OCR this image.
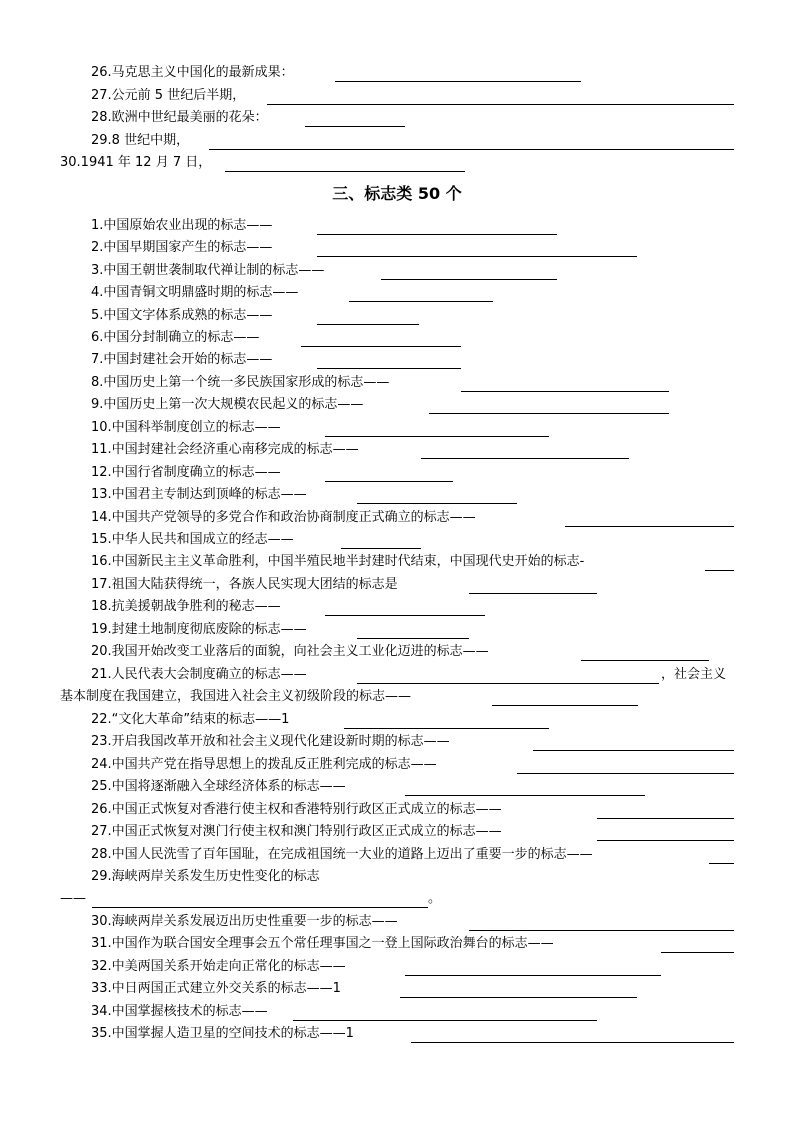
26.马克思主义中国化的最新成果：
27.公元前 5 世纪后半期，
28.欧洲中世纪最美丽的花朵：
29.8 世纪中期，
30.1941 年 12 月 7 日，
三、标志类 50 个
1.中国原始农业出现的标志——
2.中国早期国家产生的标志——
3.中国王朝世袭制取代禅让制的标志——
4.中国青铜文明鼎盛时期的标志——
5.中国文字体系成熟的标志——
6.中国分封制确立的标志——
7.中国封建社会开始的标志——
8.中国历史上第一个统一多民族国家形成的标志——
9.中国历史上第一次大规模农民起义的标志——
10.中国科举制度创立的标志——
11.中国封建社会经济重心南移完成的标志——
12.中国行省制度确立的标志——
13.中国君主专制达到顶峰的标志——
14.中国共产党领导的多党合作和政治协商制度正式确立的标志——
15.中华人民共和国成立的经志——
16.中国新民主主义革命胜利，中国半殖民地半封建时代结束，中国现代史开始的标志-
17.祖国大陆获得统一，各族人民实现大团结的标志是
18.抗美援朝战争胜利的秘志——
19.封建土地制度彻底废除的标志——
20.我国开始改变工业落后的面貌，向社会主义工业化迈进的标志——
21.人民代表大会制度确立的标志——	，社会主义
基本制度在我国建立，我国进入社会主义初级阶段的标志——
22.“文化大革命”结束的标志——1
23.开启我国改革开放和社会主义现代化建设新时期的标志——
24.中国共产党在指导思想上的拨乱反正胜利完成的标志——
25.中国将逐渐融入全球经济体系的标志——
26.中国正式恢复对香港行使主权和香港特别行政区正式成立的标志——
27.中国正式恢复对澳门行使主权和澳门特别行政区正式成立的标志——
28.中国人民洗雪了百年国耻，在完成祖国统一大业的道路上迈出了重要一步的标志——
29.海峡两岸关系发生历史性变化的标志
——	。
30.海峡两岸关系发展迈出历史性重要一步的标志——
31.中国作为联合国安全理事会五个常任理事国之一登上国际政治舞台的标志——
32.中美两国关系开始走向正常化的标志——
33.中日两国正式建立外交关系的标志——1
34.中国掌握核技术的标志——
35.中国掌握人造卫星的空间技术的标志——1
